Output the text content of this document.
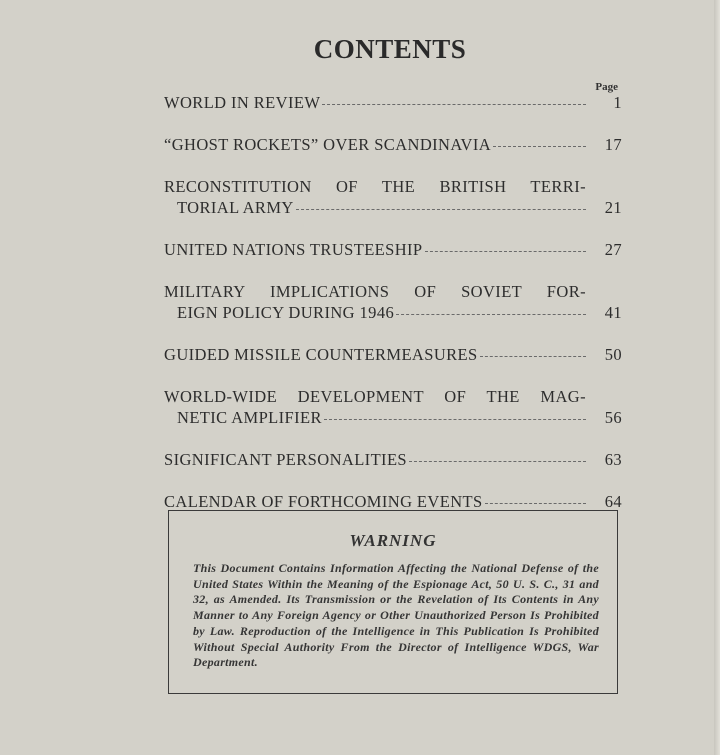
CONTENTS
Page
WORLD IN REVIEW	1
“GHOST ROCKETS” OVER SCANDINAVIA	17
RECONSTITUTION OF THE BRITISH TERRI-
TORIAL ARMY	21
UNITED NATIONS TRUSTEESHIP	27
MILITARY IMPLICATIONS OF SOVIET FOR-
EIGN POLICY DURING 1946	41
GUIDED MISSILE COUNTERMEASURES	50
WORLD-WIDE DEVELOPMENT OF THE MAG-
NETIC AMPLIFIER	56
SIGNIFICANT PERSONALITIES	63
CALENDAR OF FORTHCOMING EVENTS	64
WARNING
This Document Contains Information Affecting the National Defense of the United States Within the Meaning of the Espionage Act, 50 U. S. C., 31 and 32, as Amended. Its Transmission or the Revelation of Its Contents in Any Manner to Any Foreign Agency or Other Unauthorized Person Is Prohibited by Law. Reproduction of the Intelligence in This Publication Is Prohibited Without Special Authority From the Director of Intelligence WDGS, War Department.
